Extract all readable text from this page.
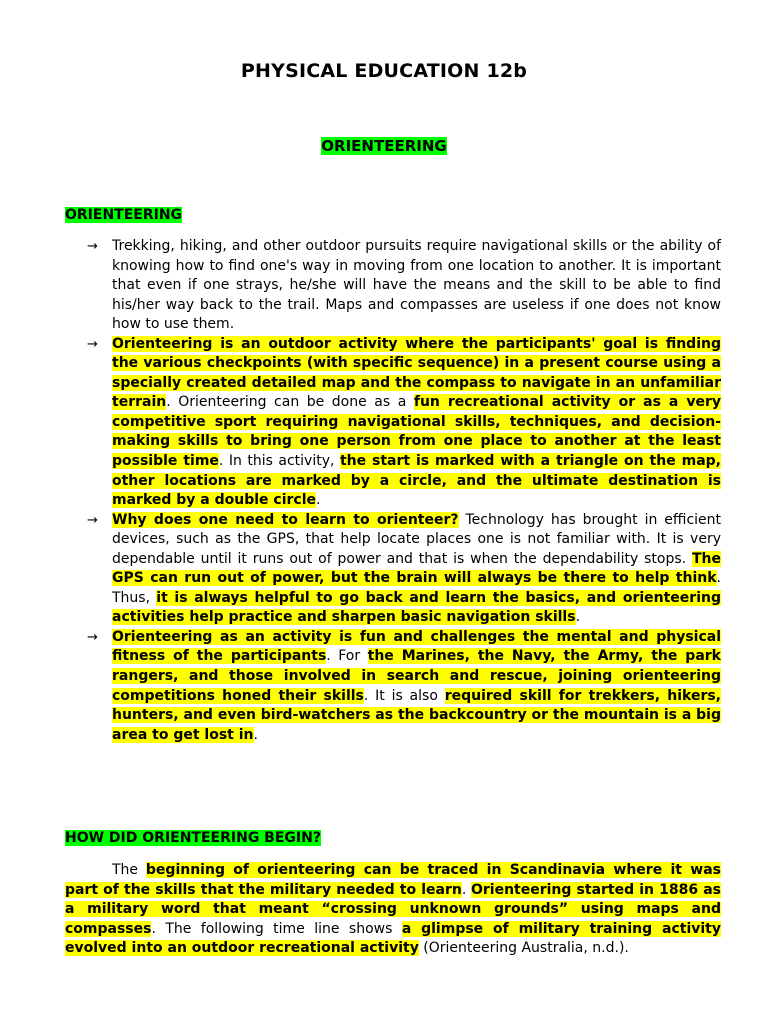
PHYSICAL EDUCATION 12b
ORIENTEERING
ORIENTEERING
→ Trekking, hiking, and other outdoor pursuits require navigational skills or the ability of knowing how to find one's way in moving from one location to another. It is important that even if one strays, he/she will have the means and the skill to be able to find his/her way back to the trail. Maps and compasses are useless if one does not know how to use them.
→ Orienteering is an outdoor activity where the participants' goal is finding the various checkpoints (with specific sequence) in a present course using a specially created detailed map and the compass to navigate in an unfamiliar terrain. Orienteering can be done as a fun recreational activity or as a very competitive sport requiring navigational skills, techniques, and decision-making skills to bring one person from one place to another at the least possible time. In this activity, the start is marked with a triangle on the map, other locations are marked by a circle, and the ultimate destination is marked by a double circle.
→ Why does one need to learn to orienteer? Technology has brought in efficient devices, such as the GPS, that help locate places one is not familiar with. It is very dependable until it runs out of power and that is when the dependability stops. The GPS can run out of power, but the brain will always be there to help think. Thus, it is always helpful to go back and learn the basics, and orienteering activities help practice and sharpen basic navigation skills.
→ Orienteering as an activity is fun and challenges the mental and physical fitness of the participants. For the Marines, the Navy, the Army, the park rangers, and those involved in search and rescue, joining orienteering competitions honed their skills. It is also required skill for trekkers, hikers, hunters, and even bird-watchers as the backcountry or the mountain is a big area to get lost in.
HOW DID ORIENTEERING BEGIN?

The beginning of orienteering can be traced in Scandinavia where it was part of the skills that the military needed to learn. Orienteering started in 1886 as a military word that meant “crossing unknown grounds” using maps and compasses. The following time line shows a glimpse of military training activity evolved into an outdoor recreational activity (Orienteering Australia, n.d.).
